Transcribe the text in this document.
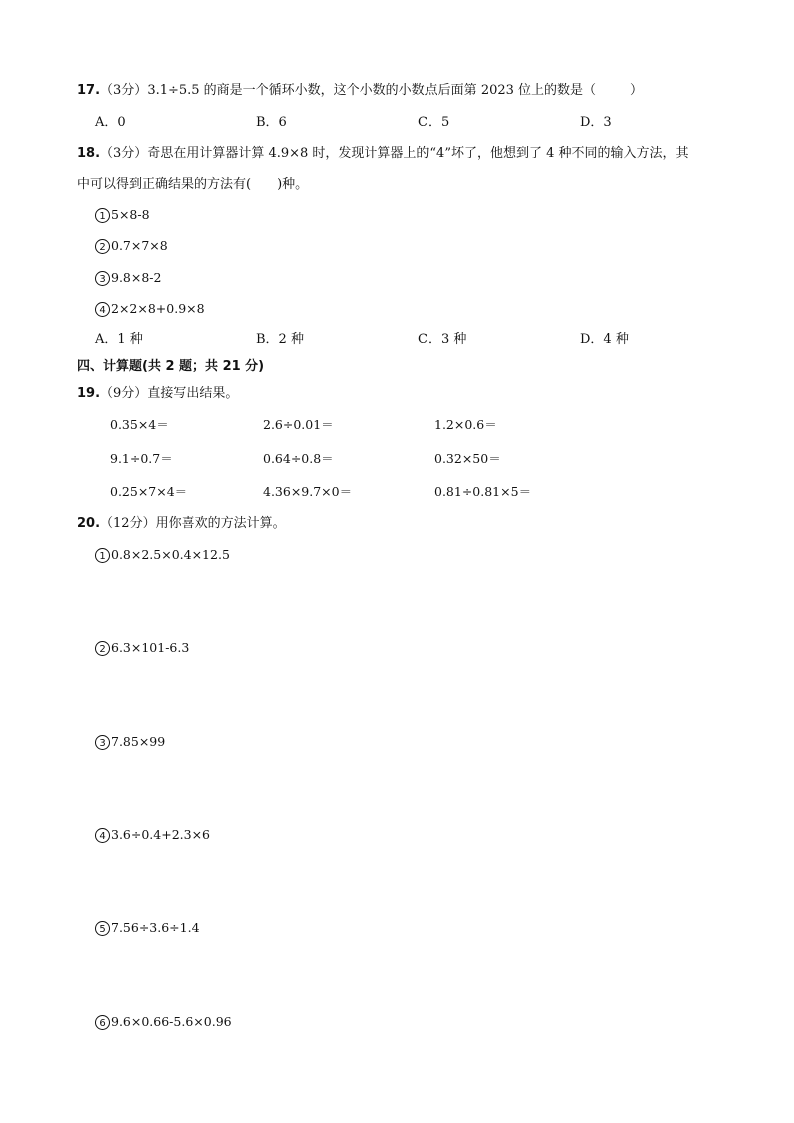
17.（3分）3.1÷5.5 的商是一个循环小数，这个小数的小数点后面第 2023 位上的数是（	）
A．0	B．6	C．5	D．3
18.（3分）奇思在用计算器计算 4.9×8 时，发现计算器上的“4”坏了，他想到了 4 种不同的输入方法，其
中可以得到正确结果的方法有( )种。
1 5×8-8
2 0.7×7×8
3 9.8×8-2
4 2×2×8+0.9×8
A．1 种	B．2 种	C．3 种	D．4 种
四、计算题(共 2 题；共 21 分)
19.（9分）直接写出结果。
0.35×4＝	2.6÷0.01＝	1.2×0.6＝
9.1÷0.7＝	0.64÷0.8＝	0.32×50＝
0.25×7×4＝	4.36×9.7×0＝	0.81÷0.81×5＝
20.（12分）用你喜欢的方法计算。
1 0.8×2.5×0.4×12.5
2 6.3×101-6.3
3 7.85×99
4 3.6÷0.4+2.3×6
5 7.56÷3.6÷1.4
6 9.6×0.66-5.6×0.96
